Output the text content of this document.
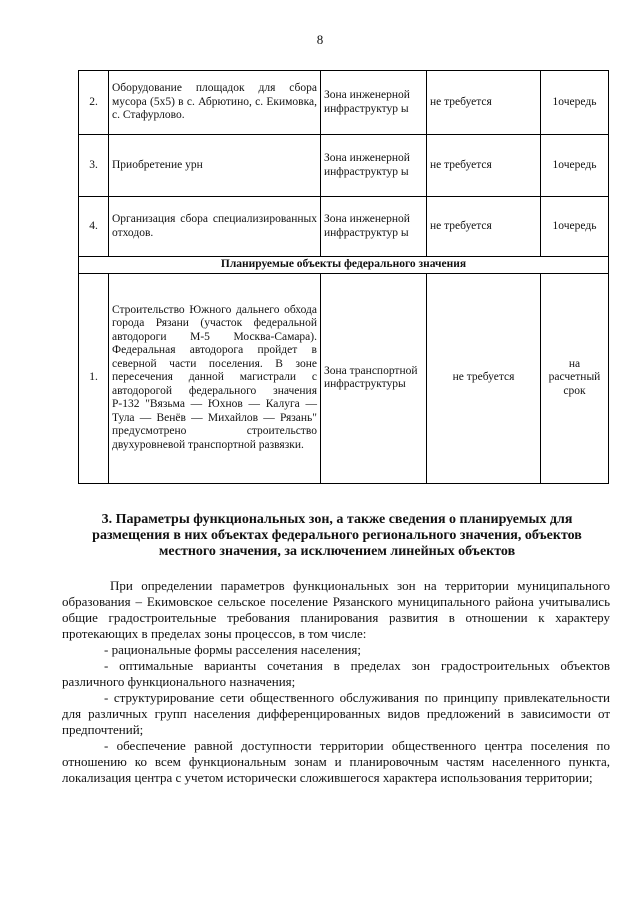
8
2.	Оборудование площадок для сбора мусора (5х5) в с. Абрютино, с. Екимовка, с. Стафурлово.	Зона инженерной инфраструктур ы	не требуется	1очередь
3.	Приобретение урн	Зона инженерной инфраструктур ы	не требуется	1очередь
4.	Организация сбора специализированных отходов.	Зона инженерной инфраструктур ы	не требуется	1очередь
Планируемые объекты федерального значения				
1.	Строительство Южного дальнего обхода города Рязани (участок федеральной автодороги М-5 Москва-Самара). Федеральная автодорога пройдет в северной части поселения. В зоне пересечения данной магистрали с автодорогой федерального значения Р-132 "Вязьма — Юхнов — Калуга — Тула — Венёв — Михайлов — Рязань" предусмотрено строительство двухуровневой транспортной развязки.	Зона транспортной инфраструктуры	не требуется	на расчетный срок
3. Параметры функциональных зон, а также сведения о планируемых для размещения в них объектах федерального регионального значения, объектов местного значения, за исключением линейных объектов

При определении параметров функциональных зон на территории муниципального образования – Екимовское сельское поселение Рязанского муниципального района учитывались общие градостроительные требования планирования развития в отношении к характеру протекающих в пределах зоны процессов, в том числе:

- рациональные формы расселения населения;

- оптимальные варианты сочетания в пределах зон градостроительных объектов различного функционального назначения;

- структурирование сети общественного обслуживания по принципу привлекательности для различных групп населения дифференцированных видов предложений в зависимости от предпочтений;

- обеспечение равной доступности территории общественного центра поселения по отношению ко всем функциональным зонам и планировочным частям населенного пункта, локализация центра с учетом исторически сложившегося характера использования территории;
